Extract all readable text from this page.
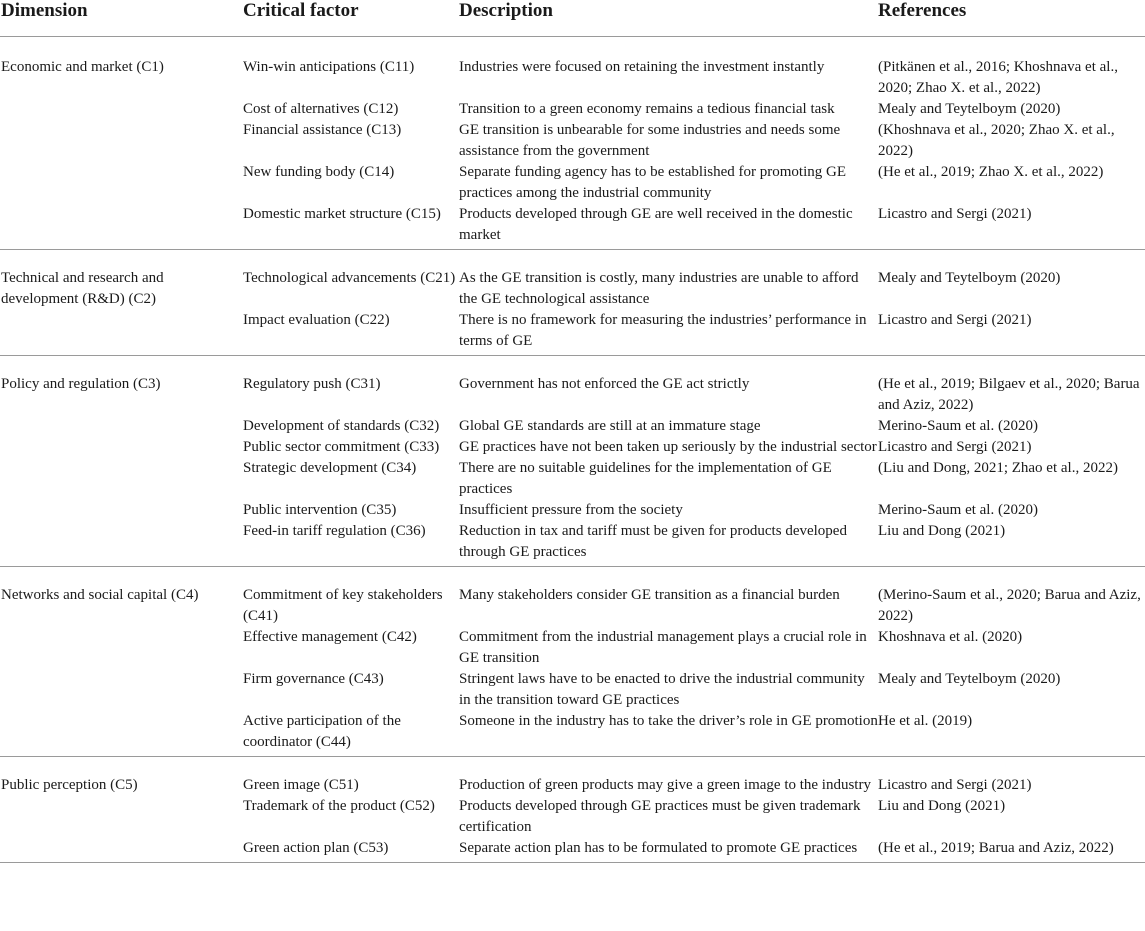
Dimension	Critical factor	Description	References
Economic and market (C1)	Win-win anticipations (C11)	Industries were focused on retaining the investment instantly	(Pitkänen et al., 2016; Khoshnava et al., 2020; Zhao X. et al., 2022)
	Cost of alternatives (C12)	Transition to a green economy remains a tedious financial task	Mealy and Teytelboym (2020)
	Financial assistance (C13)	GE transition is unbearable for some industries and needs some assistance from the government	(Khoshnava et al., 2020; Zhao X. et al., 2022)
	New funding body (C14)	Separate funding agency has to be established for promoting GE practices among the industrial community	(He et al., 2019; Zhao X. et al., 2022)
	Domestic market structure (C15)	Products developed through GE are well received in the domestic market	Licastro and Sergi (2021)
Technical and research and development (R&D) (C2)	Technological advancements (C21)	As the GE transition is costly, many industries are unable to afford the GE technological assistance	Mealy and Teytelboym (2020)
	Impact evaluation (C22)	There is no framework for measuring the industries’ performance in terms of GE	Licastro and Sergi (2021)
Policy and regulation (C3)	Regulatory push (C31)	Government has not enforced the GE act strictly	(He et al., 2019; Bilgaev et al., 2020; Barua and Aziz, 2022)
	Development of standards (C32)	Global GE standards are still at an immature stage	Merino-Saum et al. (2020)
	Public sector commitment (C33)	GE practices have not been taken up seriously by the industrial sector	Licastro and Sergi (2021)
	Strategic development (C34)	There are no suitable guidelines for the implementation of GE practices	(Liu and Dong, 2021; Zhao et al., 2022)
	Public intervention (C35)	Insufficient pressure from the society	Merino-Saum et al. (2020)
	Feed-in tariff regulation (C36)	Reduction in tax and tariff must be given for products developed through GE practices	Liu and Dong (2021)
Networks and social capital (C4)	Commitment of key stakeholders (C41)	Many stakeholders consider GE transition as a financial burden	(Merino-Saum et al., 2020; Barua and Aziz, 2022)
	Effective management (C42)	Commitment from the industrial management plays a crucial role in GE transition	Khoshnava et al. (2020)
	Firm governance (C43)	Stringent laws have to be enacted to drive the industrial community in the transition toward GE practices	Mealy and Teytelboym (2020)
	Active participation of the coordinator (C44)	Someone in the industry has to take the driver’s role in GE promotion	He et al. (2019)
Public perception (C5)	Green image (C51)	Production of green products may give a green image to the industry	Licastro and Sergi (2021)
	Trademark of the product (C52)	Products developed through GE practices must be given trademark certification	Liu and Dong (2021)
	Green action plan (C53)	Separate action plan has to be formulated to promote GE practices	(He et al., 2019; Barua and Aziz, 2022)
